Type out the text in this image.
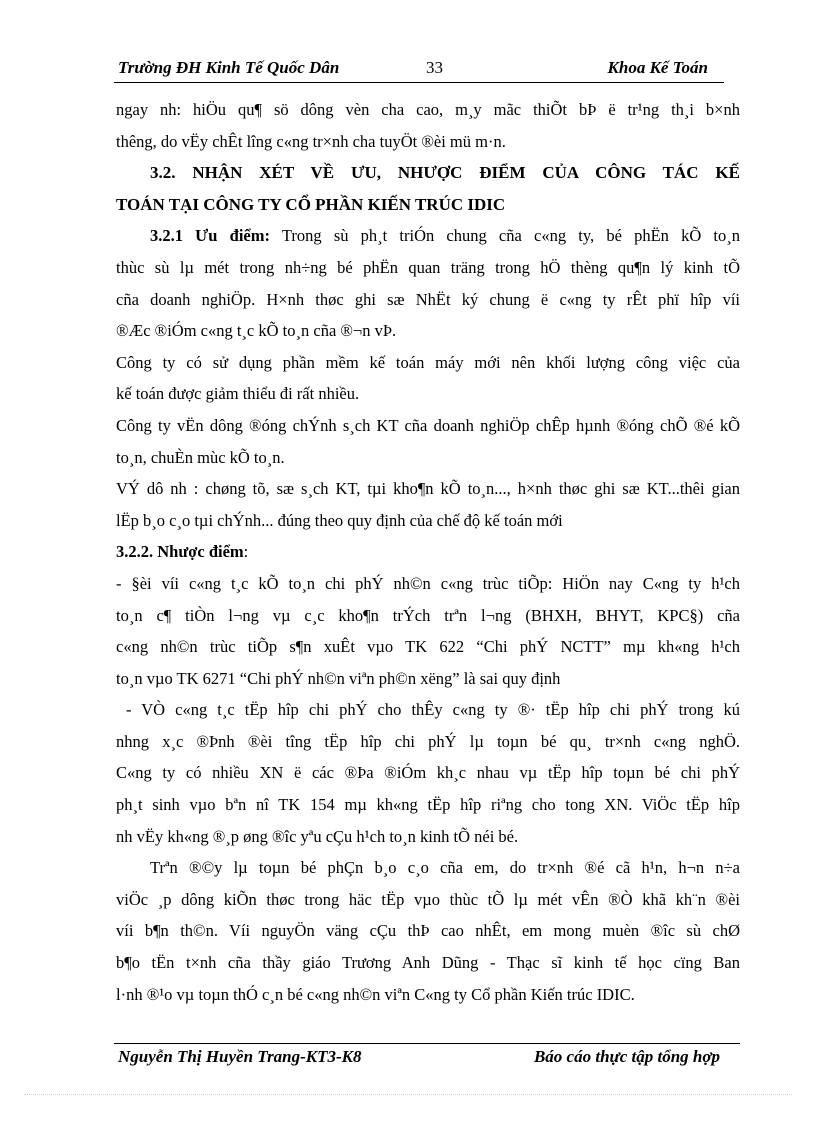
Trường ĐH Kinh Tế Quốc Dân	33	Khoa Kế Toán
ngay nh: hiÖu qu¶ sö dông vèn cha cao, m¸y mãc thiÕt bÞ ë tr¹ng th¸i b×nh
thêng, do vËy chÊt lîng c«ng tr×nh cha tuyÖt ®èi mü m·n.
3.2. NHẬN XÉT VỀ ƯU, NHƯỢC ĐIỂM CỦA CÔNG TÁC KẾ
TOÁN TẠI CÔNG TY CỔ PHẦN KIẾN TRÚC IDIC
3.2.1 Ưu điểm: Trong sù ph¸t triÓn chung cña c«ng ty, bé phËn kÕ to¸n
thùc sù lµ mét trong nh÷ng bé phËn quan träng trong hÖ thèng qu¶n lý kinh tÕ
cña doanh nghiÖp. H×nh thøc ghi sæ NhËt ký chung ë c«ng ty rÊt phï hîp víi
®Æc ®iÓm c«ng t¸c kÕ to¸n cña ®¬n vÞ.
Công ty có sử dụng phần mềm kế toán máy mới nên khối lượng công việc của
kế toán được giảm thiểu đi rất nhiều.
Công ty vËn dông ®óng chÝnh s¸ch KT cña doanh nghiÖp chÊp hµnh ®óng chÕ ®é kÕ
to¸n, chuÈn mùc kÕ to¸n.
VÝ dô nh : chøng tõ, sæ s¸ch KT, tµi kho¶n kÕ to¸n..., h×nh thøc ghi sæ KT...thêi gian
lËp b¸o c¸o tµi chÝnh... đúng theo quy định của chế độ kế toán mới
3.2.2. Nhược điểm:
- §èi víi c«ng t¸c kÕ to¸n chi phÝ nh©n c«ng trùc tiÕp: HiÖn nay C«ng ty h¹ch
to¸n c¶ tiÒn l¬ng vµ c¸c kho¶n trÝch trªn l¬ng (BHXH, BHYT, KPC§) cña
c«ng nh©n trùc tiÕp s¶n xuÊt vµo TK 622 “Chi phÝ NCTT” mµ kh«ng h¹ch
to¸n vµo TK 6271 “Chi phÝ nh©n viªn ph©n xëng” là sai quy định
- VÒ c«ng t¸c tËp hîp chi phÝ cho thÊy c«ng ty ®· tËp hîp chi phÝ trong kú
nhng x¸c ®Þnh ®èi tîng tËp hîp chi phÝ lµ toµn bé qu¸ tr×nh c«ng nghÖ.
C«ng ty có nhiều XN ë các ®Þa ®iÓm kh¸c nhau vµ tËp hîp toµn bé chi phÝ
ph¸t sinh vµo bªn nî TK 154 mµ kh«ng tËp hîp riªng cho tong XN. ViÖc tËp hîp
nh vËy kh«ng ®¸p øng ®îc yªu cÇu h¹ch to¸n kinh tÕ néi bé.
Trªn ®©y lµ toµn bé phÇn b¸o c¸o cña em, do tr×nh ®é cã h¹n, h¬n n÷a
viÖc ¸p dông kiÕn thøc trong häc tËp vµo thùc tÕ lµ mét vÊn ®Ò khã kh¨n ®èi
víi b¶n th©n. Víi nguyÖn väng cÇu thÞ cao nhÊt, em mong muèn ®îc sù chØ
b¶o tËn t×nh cña thầy giáo Trương Anh Dũng - Thạc sĩ kinh tế học cïng Ban
l·nh ®¹o vµ toµn thÓ c¸n bé c«ng nh©n viªn C«ng ty Cổ phần Kiến trúc IDIC.
Nguyễn Thị Huyền Trang-KT3-K8	Báo cáo thực tập tổng hợp
